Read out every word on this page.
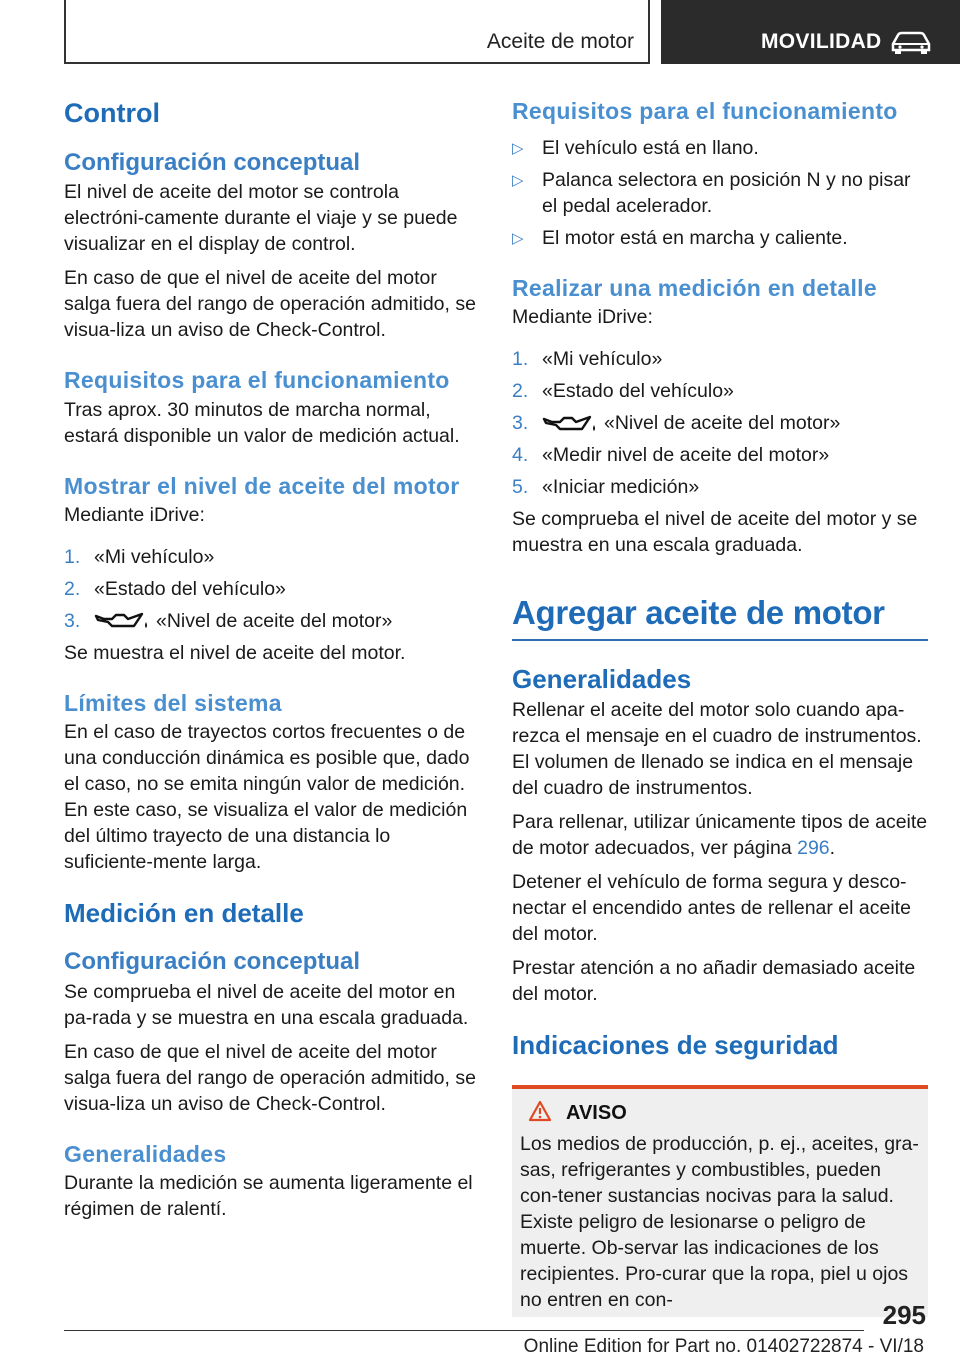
Aceite de motor	MOVILIDAD
Control
Configuración conceptual

El nivel de aceite del motor se controla electróni-camente durante el viaje y se puede visualizar en el display de control.

En caso de que el nivel de aceite del motor salga fuera del rango de operación admitido, se visua-liza un aviso de Check-Control.

Requisitos para el funcionamiento

Tras aprox. 30 minutos de marcha normal, estará disponible un valor de medición actual.

Mostrar el nivel de aceite del motor

Mediante iDrive:

1. «Mi vehículo»
2. «Estado del vehículo»
3.	«Nivel de aceite del motor»

Se muestra el nivel de aceite del motor.

Límites del sistema

En el caso de trayectos cortos frecuentes o de una conducción dinámica es posible que, dado el caso, no se emita ningún valor de medición. En este caso, se visualiza el valor de medición del último trayecto de una distancia lo suficiente-mente larga.

Medición en detalle
Configuración conceptual

Se comprueba el nivel de aceite del motor en pa-rada y se muestra en una escala graduada.

En caso de que el nivel de aceite del motor salga fuera del rango de operación admitido, se visua-liza un aviso de Check-Control.

Generalidades

Durante la medición se aumenta ligeramente el régimen de ralentí.

Requisitos para el funcionamiento
▷ El vehículo está en llano.
▷ Palanca selectora en posición N y no pisar el pedal acelerador.
▷ El motor está en marcha y caliente.
Realizar una medición en detalle

Mediante iDrive:

1. «Mi vehículo»
2. «Estado del vehículo»
3.	«Nivel de aceite del motor»
4. «Medir nivel de aceite del motor»
5. «Iniciar medición»

Se comprueba el nivel de aceite del motor y se muestra en una escala graduada.

Agregar aceite de motor
Generalidades

Rellenar el aceite del motor solo cuando apa-rezca el mensaje en el cuadro de instrumentos. El volumen de llenado se indica en el mensaje del cuadro de instrumentos.

Para rellenar, utilizar únicamente tipos de aceite de motor adecuados, ver página 296.

Detener el vehículo de forma segura y desco-nectar el encendido antes de rellenar el aceite del motor.

Prestar atención a no añadir demasiado aceite del motor.

Indicaciones de seguridad
AVISO

Los medios de producción, p. ej., aceites, gra-sas, refrigerantes y combustibles, pueden con-tener sustancias nocivas para la salud. Existe peligro de lesionarse o peligro de muerte. Ob-servar las indicaciones de los recipientes. Pro-curar que la ropa, piel u ojos no entren en con-

295
Online Edition for Part no. 01402722874 - VI/18
